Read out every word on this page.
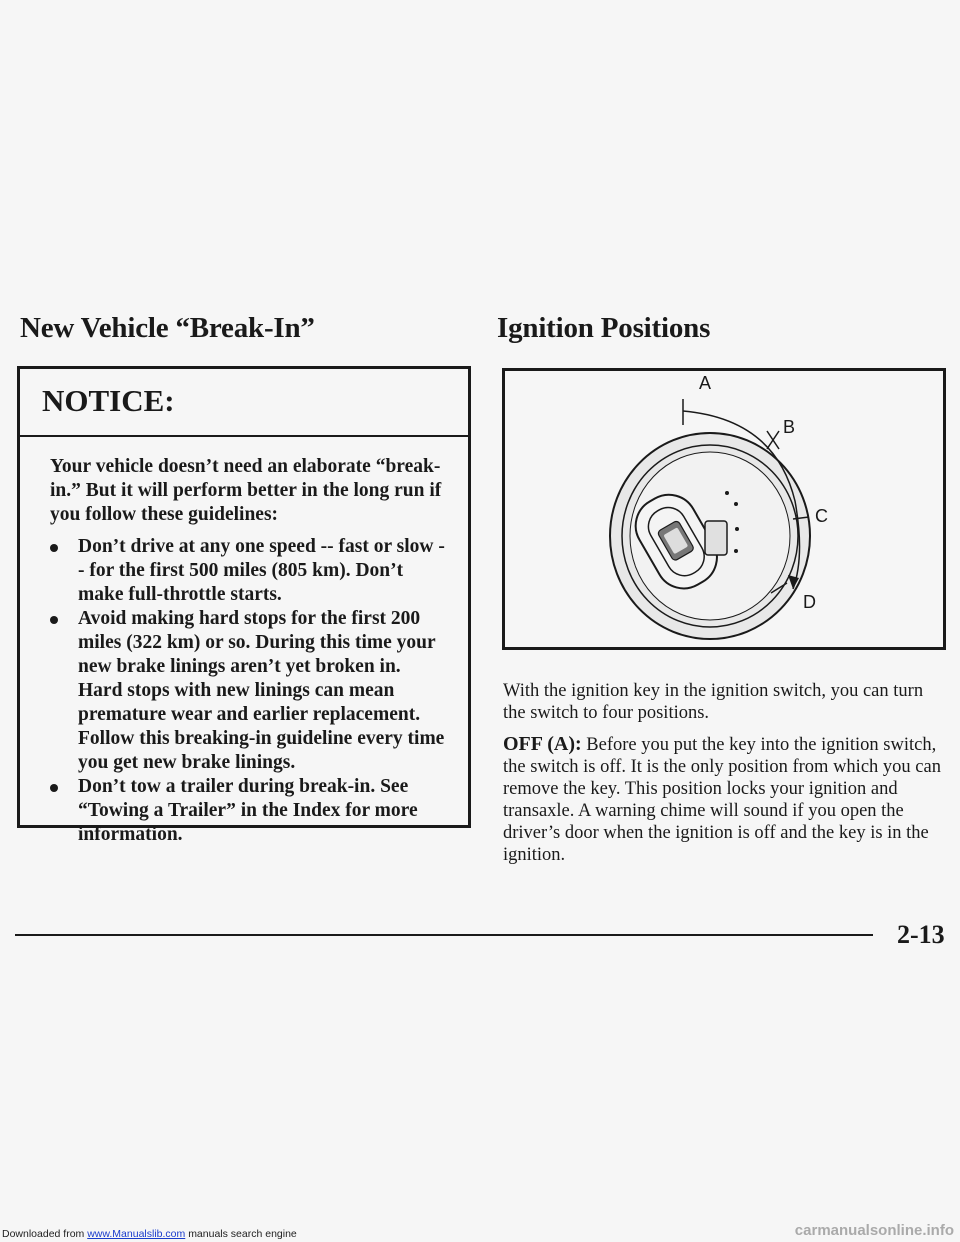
New Vehicle “Break-In”
NOTICE:

Your vehicle doesn’t need an elaborate “break-in.” But it will perform better in the long run if you follow these guidelines:

Don’t drive at any one speed -- fast or slow -- for the first 500 miles (805 km). Don’t make full-throttle starts.
Avoid making hard stops for the first 200 miles (322 km) or so. During this time your new brake linings aren’t yet broken in. Hard stops with new linings can mean premature wear and earlier replacement. Follow this breaking-in guideline every time you get new brake linings.
Don’t tow a trailer during break-in. See “Towing a Trailer” in the Index for more information.
Ignition Positions
A
B
C
D

With the ignition key in the ignition switch, you can turn the switch to four positions.

OFF (A): Before you put the key into the ignition switch, the switch is off. It is the only position from which you can remove the key. This position locks your ignition and transaxle. A warning chime will sound if you open the driver’s door when the ignition is off and the key is in the ignition.

2-13
Downloaded from www.Manualslib.com manuals search engine	carmanualsonline.info
